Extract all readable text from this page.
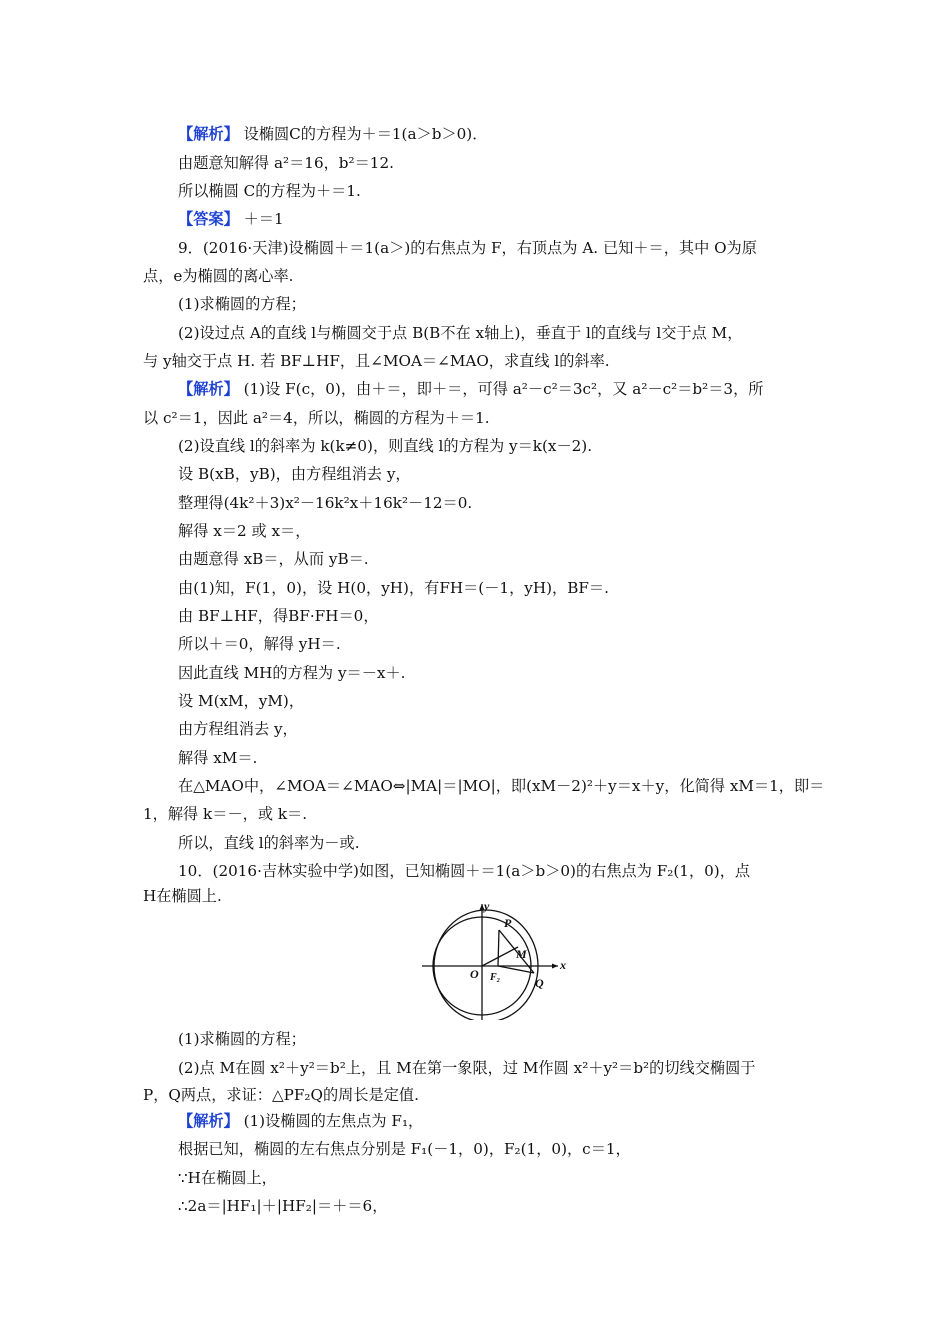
【解析】 设椭圆C的方程为＋＝1(a＞b＞0)．
由题意知解得 a²＝16，b²＝12.
所以椭圆 C的方程为＋＝1.
【答案】 ＋＝1
9．(2016·天津)设椭圆＋＝1(a＞)的右焦点为 F，右顶点为 A. 已知＋＝，其中 O为原
点，e为椭圆的离心率.
(1)求椭圆的方程；
(2)设过点 A的直线 l与椭圆交于点 B(B不在 x轴上)，垂直于 l的直线与 l交于点 M，
与 y轴交于点 H. 若 BF⊥HF，且∠MOA＝∠MAO，求直线 l的斜率.
【解析】 (1)设 F(c，0)，由＋＝，即＋＝，可得 a²－c²＝3c²，又 a²－c²＝b²＝3，所
以 c²＝1，因此 a²＝4，所以，椭圆的方程为＋＝1.
(2)设直线 l的斜率为 k(k≠0)，则直线 l的方程为 y＝k(x－2).
设 B(xB，yB)，由方程组消去 y，
整理得(4k²＋3)x²－16k²x＋16k²－12＝0.
解得 x＝2 或 x＝，
由题意得 xB＝，从而 yB＝.
由(1)知，F(1，0)，设 H(0，yH)，有FH＝(－1，yH)，BF＝.
由 BF⊥HF，得BF·FH＝0，
所以＋＝0，解得 yH＝.
因此直线 MH的方程为 y＝－x＋.
设 M(xM，yM)，
由方程组消去 y，
解得 xM＝.
在△MAO中，∠MOA＝∠MAO⇔|MA|＝|MO|，即(xM－2)²＋y＝x＋y，化简得 xM＝1，即＝
1，解得 k＝－，或 k＝.
所以，直线 l的斜率为－或.
10．(2016·吉林实验中学)如图，已知椭圆＋＝1(a＞b＞0)的右焦点为 F₂(1，0)，点
H在椭圆上.
y
x
O F₂
P
M
Q
(1)求椭圆的方程；
(2)点 M在圆 x²＋y²＝b²上，且 M在第一象限，过 M作圆 x²＋y²＝b²的切线交椭圆于
P，Q两点，求证：△PF₂Q的周长是定值.
【解析】 (1)设椭圆的左焦点为 F₁，
根据已知，椭圆的左右焦点分别是 F₁(－1，0)，F₂(1，0)，c＝1，
∵H在椭圆上，
∴2a＝|HF₁|＋|HF₂|＝＋＝6，
